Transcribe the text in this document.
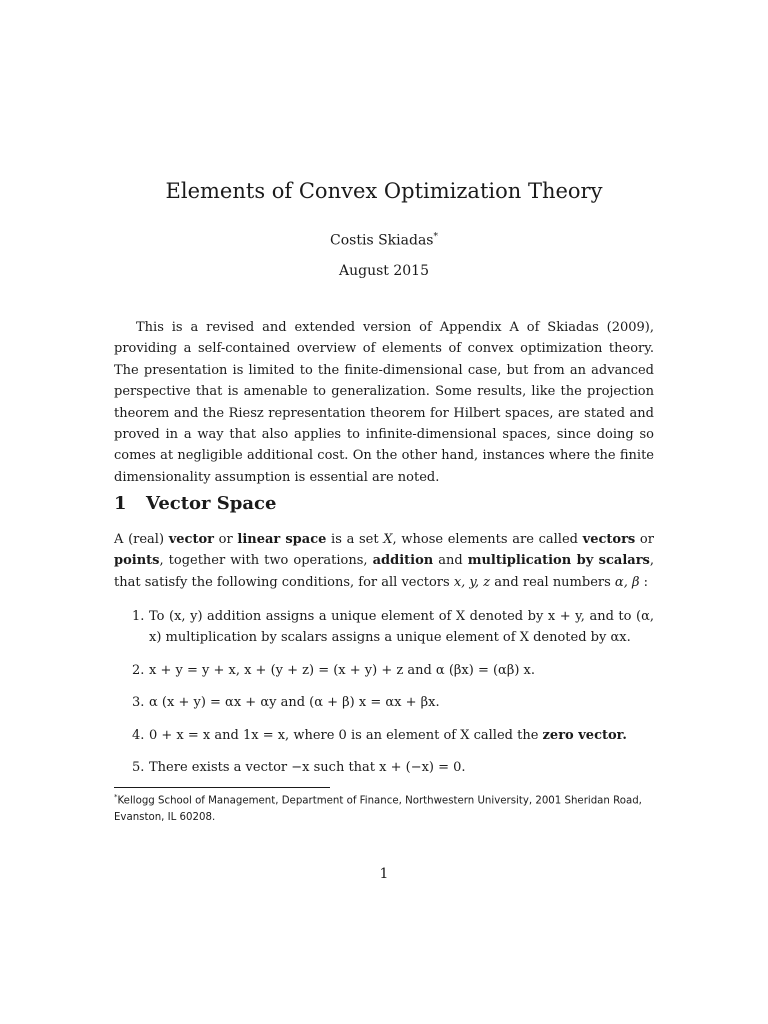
Elements of Convex Optimization Theory
Costis Skiadas*
August 2015
This is a revised and extended version of Appendix A of Skiadas (2009), providing a self-contained overview of elements of convex optimization theory. The presentation is limited to the finite-dimensional case, but from an advanced perspective that is amenable to generalization. Some results, like the projection theorem and the Riesz representation theorem for Hilbert spaces, are stated and proved in a way that also applies to infinite-dimensional spaces, since doing so comes at negligible additional cost. On the other hand, instances where the finite dimensionality assumption is essential are noted.
1 Vector Space
A (real) vector or linear space is a set X, whose elements are called vectors or points, together with two operations, addition and multiplication by scalars, that satisfy the following conditions, for all vectors x, y, z and real numbers α, β :
1. To (x, y) addition assigns a unique element of X denoted by x + y, and to (α, x) multiplication by scalars assigns a unique element of X denoted by αx.
2. x + y = y + x, x + (y + z) = (x + y) + z and α (βx) = (αβ) x.
3. α (x + y) = αx + αy and (α + β) x = αx + βx.
4. 0 + x = x and 1x = x, where 0 is an element of X called the zero vector.
5. There exists a vector −x such that x + (−x) = 0.
*Kellogg School of Management, Department of Finance, Northwestern University, 2001 Sheridan Road, Evanston, IL 60208.
1
